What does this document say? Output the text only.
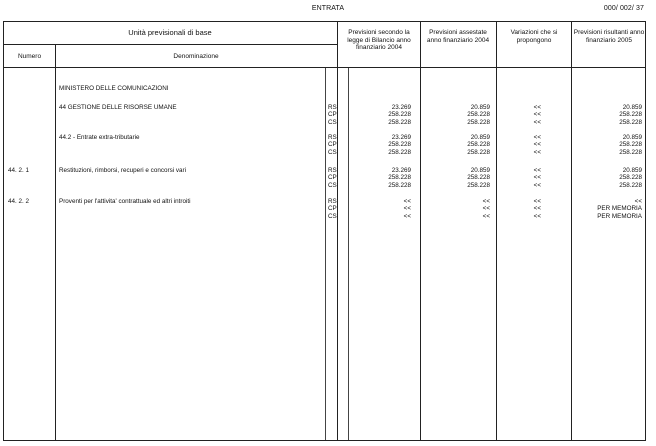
ENTRATA	000/ 002/ 37
Unità previsionali di base
Numero	Denominazione
Previsioni secondo la legge di Bilancio anno finanziario 2004
Previsioni assestate anno finanziario 2004
Variazioni che si propongono
Previsioni risultanti anno finanziario 2005
MINISTERO DELLE COMUNICAZIONI
44 GESTIONE DELLE RISORSE UMANE	RS	23.269	20.859	<<	20.859
CP	258.228	258.228	<<	258.228
CS	258.228	258.228	<<	258.228
44.2 - Entrate extra-tributarie	RS	23.269	20.859	<<	20.859
CP	258.228	258.228	<<	258.228
CS	258.228	258.228	<<	258.228
44. 2. 1	Restituzioni, rimborsi, recuperi e concorsi vari	RS	23.269	20.859	<<	20.859
CP	258.228	258.228	<<	258.228
CS	258.228	258.228	<<	258.228
44. 2. 2	Proventi per l'attivita' contrattuale ed altri introiti	RS	<<	<<	<<	<<
CP	<<	<<	<<	PER MEMORIA
CS	<<	<<	<<	PER MEMORIA
